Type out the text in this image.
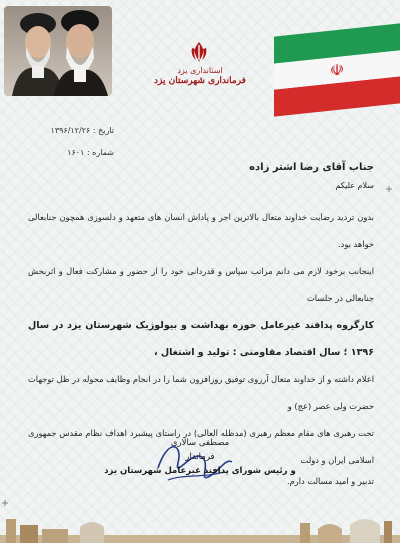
استانداری یزد
فرمانداری شهرستان یزد
☫
تاریخ : ۱۳۹۶/۱۲/۲۶
شماره : ۱۶۰۱
جناب آقای رضا اشتر زاده
سلام علیکم
بدون تردید رضایت خداوند متعال بالاترین اجر و پاداش انسان های متعهد و دلسوزی همچون جنابعالی خواهد بود.
اینجانب برخود لازم می دانم مراتب سپاس و قدردانی خود را از حضور و مشارکت فعال و اثربخش جنابعالی در جلسات
کارگروه پدافند غیرعامل حوزه بهداشت و بیولوژیک شهرستان یزد در سال ۱۳۹۶ ؛ سال اقتصاد مقاومتی : تولید و اشتغال ،
اعلام داشته و از خداوند متعال آرزوی توفیق روزافزون شما را در انجام وظایف محوله در ظل توجهات حضرت ولی عصر (عج) و
تحت رهبری های مقام معظم رهبری (مدظله العالی) در راستای پیشبرد اهداف نظام مقدس جمهوری اسلامی ایران و دولت
تدبیر و امید مسالت دارم.
مصطفی سالاری
فرماندار
و رئیس شورای پدافند غیرعامل شهرستان یزد
